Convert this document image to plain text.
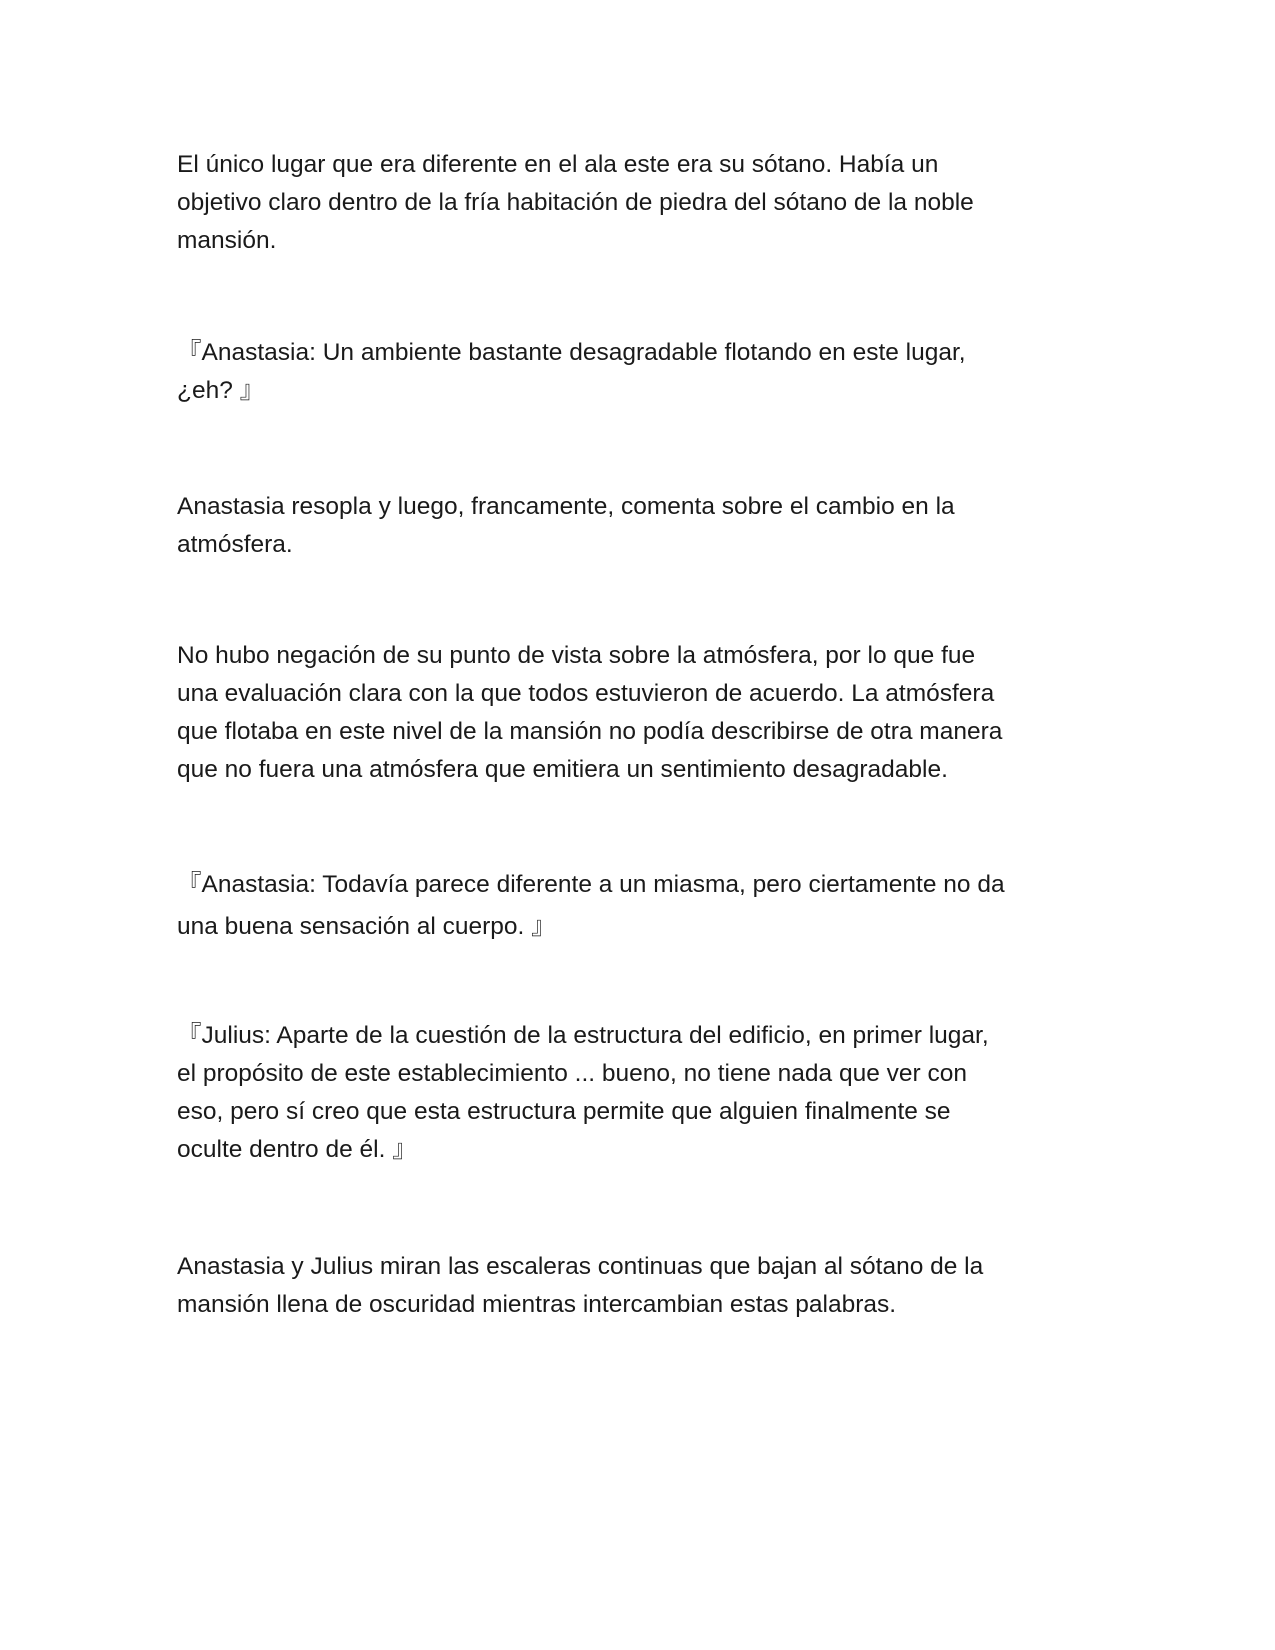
El único lugar que era diferente en el ala este era su sótano. Había un
objetivo claro dentro de la fría habitación de piedra del sótano de la noble
mansión.

『Anastasia: Un ambiente bastante desagradable flotando en este lugar,
¿eh? 』

Anastasia resopla y luego, francamente, comenta sobre el cambio en la
atmósfera.

No hubo negación de su punto de vista sobre la atmósfera, por lo que fue
una evaluación clara con la que todos estuvieron de acuerdo. La atmósfera
que flotaba en este nivel de la mansión no podía describirse de otra manera
que no fuera una atmósfera que emitiera un sentimiento desagradable.

『Anastasia: Todavía parece diferente a un miasma, pero ciertamente no da
una buena sensación al cuerpo. 』

『Julius: Aparte de la cuestión de la estructura del edificio, en primer lugar,
el propósito de este establecimiento ... bueno, no tiene nada que ver con
eso, pero sí creo que esta estructura permite que alguien finalmente se
oculte dentro de él. 』

Anastasia y Julius miran las escaleras continuas que bajan al sótano de la
mansión llena de oscuridad mientras intercambian estas palabras.
